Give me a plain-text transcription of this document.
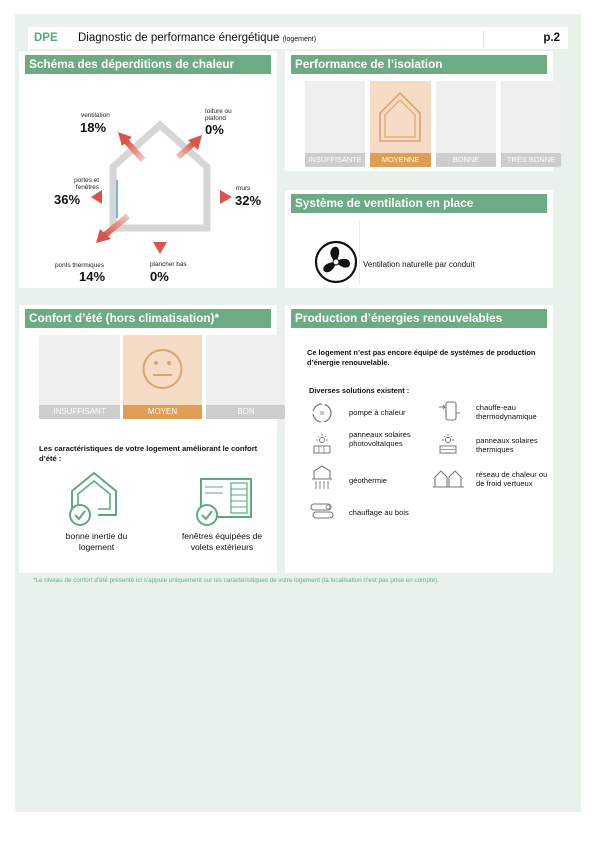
DPE	Diagnostic de performance énergétique (logement)	p.2
Schéma des déperditions de chaleur
ventilation
18%
toiture ou plafond
0%
portes et fenêtres
36%
murs
32%
ponts thermiques
14%
plancher bas
0%
Performance de l’isolation
INSUFFISANTE	MOYENNE	BONNE	TRÈS BONNE
Système de ventilation en place
Ventilation naturelle par conduit
Confort d’été (hors climatisation)*
INSUFFISANT	MOYEN	BON
Les caractéristiques de votre logement améliorant le confort d’été :
bonne inertie du logement
fenêtres équipées de volets extérieurs
Production d’énergies renouvelables
Ce logement n’est pas encore équipé de systèmes de production d’énergie renouvelable.
Diverses solutions existent :
W	pompe à chaleur
chauffe-eau thermodynamique
panneaux solaires photovoltaïques	panneaux solaires thermiques
géothermie
réseau de chaleur ou de froid vertueux
chauffage au bois
*Le niveau de confort d’été présenté ici s’appuie uniquement sur les caractéristiques de votre logement (la localisation n’est pas prise en compte).
